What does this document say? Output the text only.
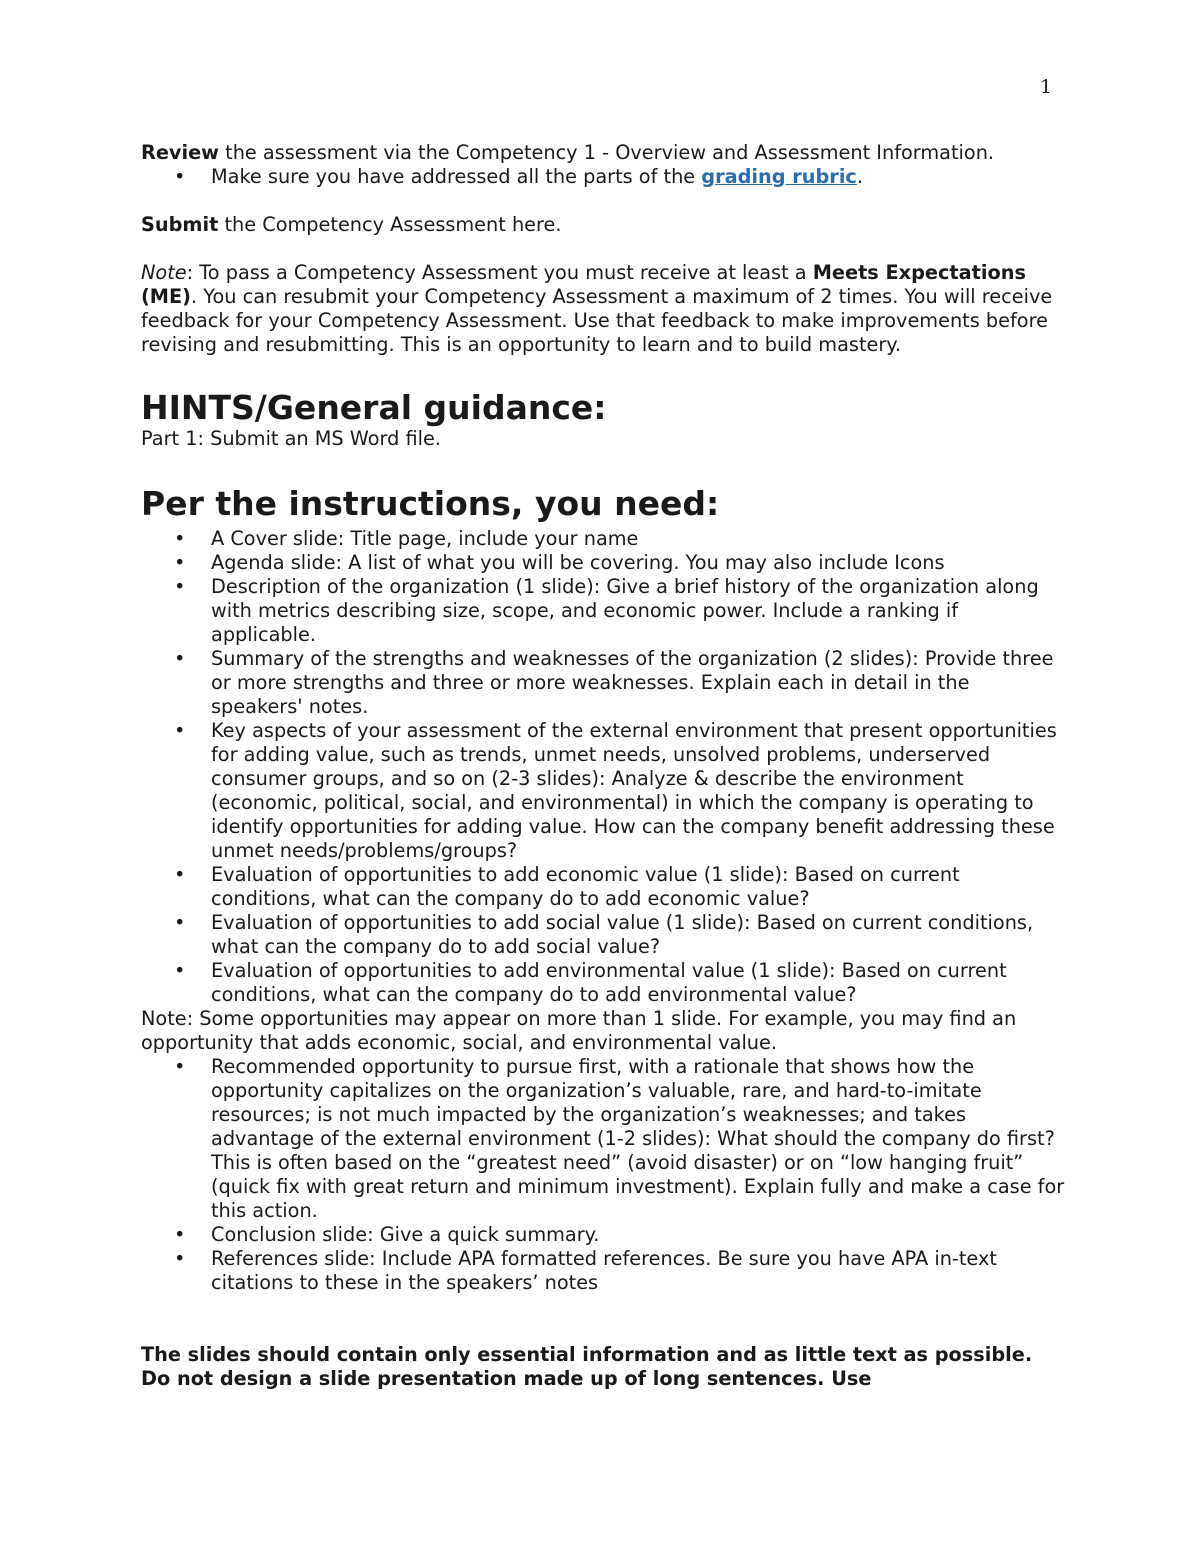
1

Review the assessment via the Competency 1 - Overview and Assessment Information.

• Make sure you have addressed all the parts of the grading rubric.

Submit the Competency Assessment here.

Note: To pass a Competency Assessment you must receive at least a Meets Expectations (ME). You can resubmit your Competency Assessment a maximum of 2 times. You will receive feedback for your Competency Assessment. Use that feedback to make improvements before revising and resubmitting. This is an opportunity to learn and to build mastery.

HINTS/General guidance:

Part 1: Submit an MS Word file.

Per the instructions, you need:
• A Cover slide: Title page, include your name
• Agenda slide: A list of what you will be covering. You may also include Icons
• Description of the organization (1 slide): Give a brief history of the organization along with metrics describing size, scope, and economic power. Include a ranking if applicable.
• Summary of the strengths and weaknesses of the organization (2 slides): Provide three or more strengths and three or more weaknesses. Explain each in detail in the speakers' notes.
• Key aspects of your assessment of the external environment that present opportunities for adding value, such as trends, unmet needs, unsolved problems, underserved consumer groups, and so on (2-3 slides): Analyze & describe the environment (economic, political, social, and environmental) in which the company is operating to identify opportunities for adding value. How can the company benefit addressing these unmet needs/problems/groups?
• Evaluation of opportunities to add economic value (1 slide): Based on current conditions, what can the company do to add economic value?
• Evaluation of opportunities to add social value (1 slide): Based on current conditions, what can the company do to add social value?
• Evaluation of opportunities to add environmental value (1 slide): Based on current conditions, what can the company do to add environmental value?

Note: Some opportunities may appear on more than 1 slide. For example, you may find an opportunity that adds economic, social, and environmental value.

• Recommended opportunity to pursue first, with a rationale that shows how the opportunity capitalizes on the organization’s valuable, rare, and hard-to-imitate resources; is not much impacted by the organization’s weaknesses; and takes advantage of the external environment (1-2 slides): What should the company do first? This is often based on the “greatest need” (avoid disaster) or on “low hanging fruit” (quick fix with great return and minimum investment). Explain fully and make a case for this action.
• Conclusion slide: Give a quick summary.
• References slide: Include APA formatted references. Be sure you have APA in-text citations to these in the speakers’ notes

The slides should contain only essential information and as little text as possible. Do not design a slide presentation made up of long sentences. Use
